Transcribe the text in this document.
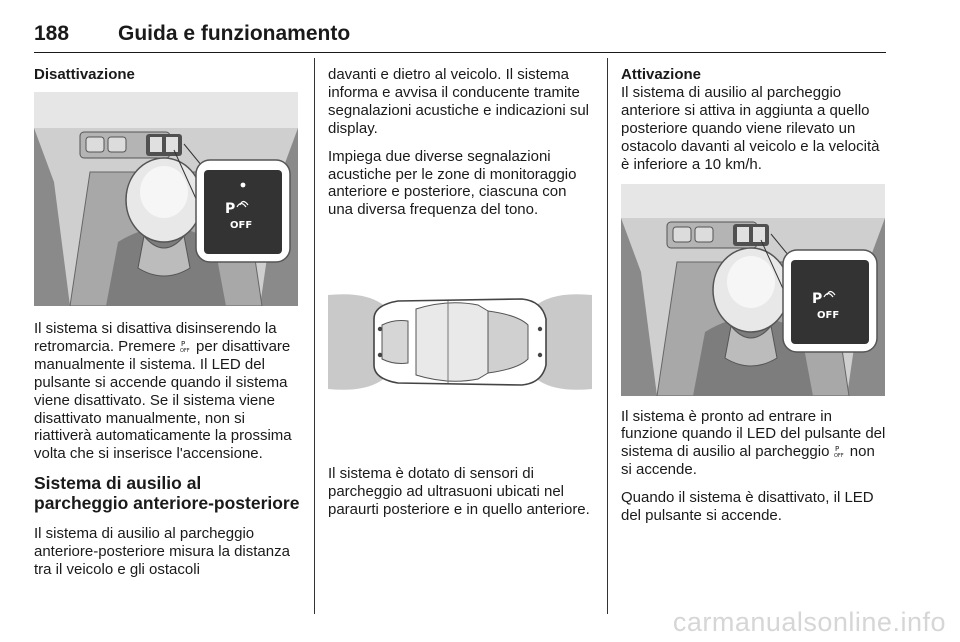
188 Guida e funzionamento
Disattivazione
P
OFF

Il sistema si disattiva disinserendo la retromarcia. Premere P
OFF per disattivare manualmente il sistema. Il LED del pulsante si accende quando il sistema viene disattivato. Se il sistema viene disattivato manualmente, non si riattiverà automaticamente la prossima volta che si inserisce l'accensione.

Sistema di ausilio al parcheggio anteriore-posteriore

Il sistema di ausilio al parcheggio anteriore-posteriore misura la distanza tra il veicolo e gli ostacoli

davanti e dietro al veicolo. Il sistema informa e avvisa il conducente tramite segnalazioni acustiche e indicazioni sul display.

Impiega due diverse segnalazioni acustiche per le zone di monitoraggio anteriore e posteriore, ciascuna con una diversa frequenza del tono.

Il sistema è dotato di sensori di parcheggio ad ultrasuoni ubicati nel paraurti posteriore e in quello anteriore.

Attivazione

Il sistema di ausilio al parcheggio anteriore si attiva in aggiunta a quello posteriore quando viene rilevato un ostacolo davanti al veicolo e la velocità è inferiore a 10 km/h.

P
OFF

Il sistema è pronto ad entrare in funzione quando il LED del pulsante del sistema di ausilio al parcheggio P
OFF non si accende.

Quando il sistema è disattivato, il LED del pulsante si accende.

carmanualsonline.info
